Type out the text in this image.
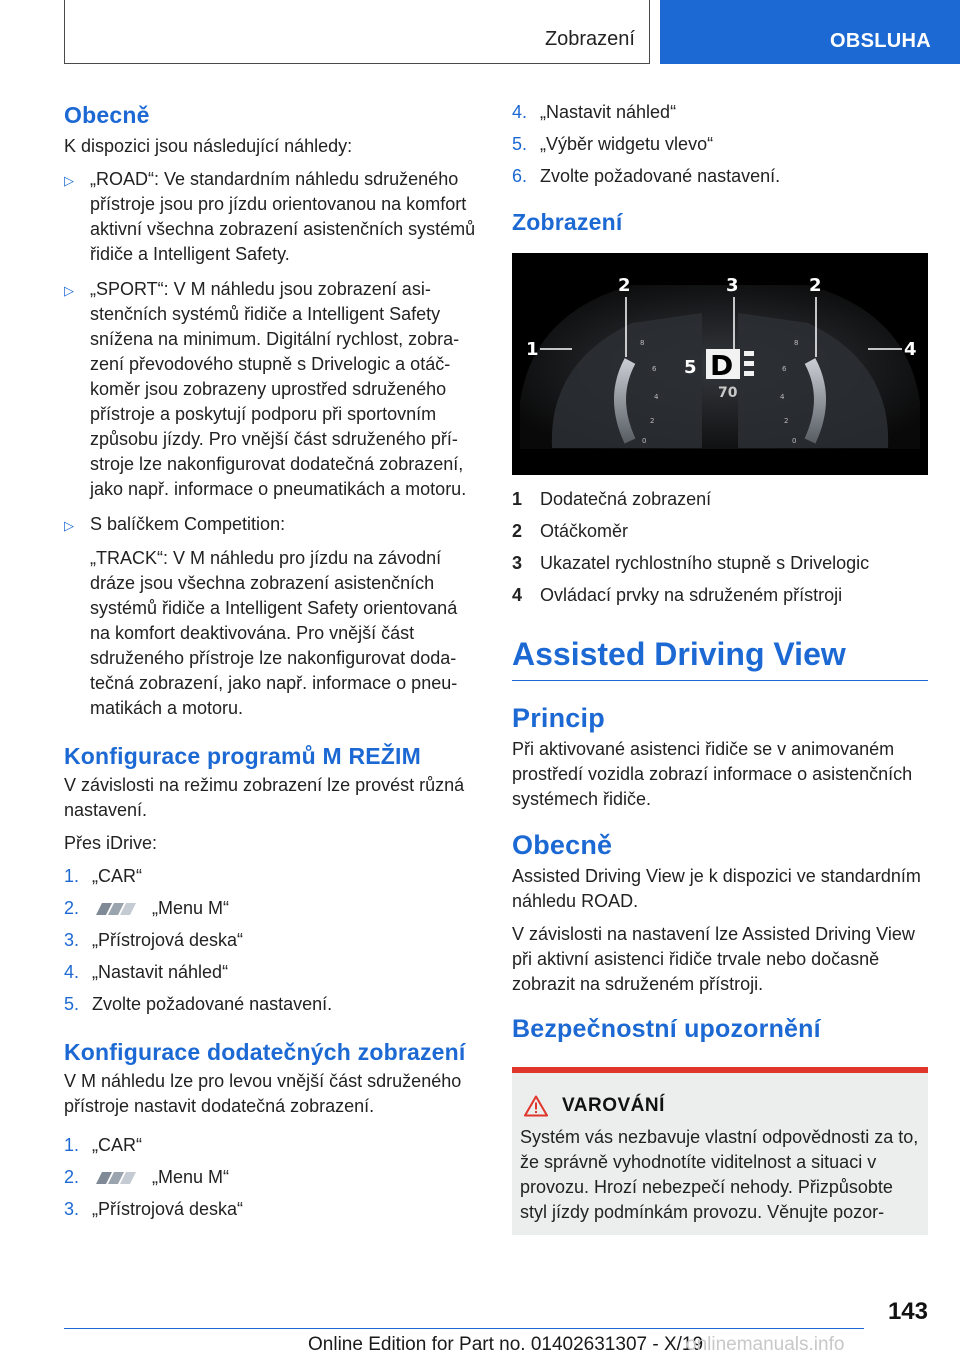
Zobrazení	OBSLUHA
Obecně
K dispozici jsou následující náhledy:
▷ „ROAD“: Ve standardním náhledu sdruženého přístroje jsou pro jízdu orientovanou na komfort aktivní všechna zobrazení asistenčních systémů řidiče a Intelligent Safety.
▷ „SPORT“: V M náhledu jsou zobrazení asistenčních systémů řidiče a Intelligent Safety snížena na minimum. Digitální rychlost, zobrazení převodového stupně s Drivelogic a otáčkoměr jsou zobrazeny uprostřed sdruženého přístroje a poskytují podporu při sportovním způsobu jízdy. Pro vnější část sdruženého přístroje lze nakonfigurovat dodatečná zobrazení, jako např. informace o pneumatikách a motoru.
▷ S balíčkem Competition:
„TRACK“: V M náhledu pro jízdu na závodní dráze jsou všechna zobrazení asistenčních systémů řidiče a Intelligent Safety orientovaná na komfort deaktivována. Pro vnější část sdruženého přístroje lze nakonfigurovat dodatečná zobrazení, jako např. informace o pneumatikách a motoru.
Konfigurace programů M REŽIM
V závislosti na režimu zobrazení lze provést různá nastavení.
Přes iDrive:
1. „CAR“
2.	„Menu M“
3. „Přístrojová deska“
4. „Nastavit náhled“
5. Zvolte požadované nastavení.
Konfigurace dodatečných zobrazení
V M náhledu lze pro levou vnější část sdruženého přístroje nastavit dodatečná zobrazení.
1. „CAR“
2.	„Menu M“
3. „Přístrojová deska“
4. „Nastavit náhled“
5. „Výběr widgetu vlevo“
6. Zvolte požadované nastavení.
Zobrazení
8
6
4
2
0
8
6
4
2
0
5 D
70
1
2	3	2
4
1 Dodatečná zobrazení
2 Otáčkoměr
3 Ukazatel rychlostního stupně s Drivelogic
4 Ovládací prvky na sdruženém přístroji
Assisted Driving View
Princip
Při aktivované asistenci řidiče se v animovaném prostředí vozidla zobrazí informace o asistenčních systémech řidiče.
Obecně
Assisted Driving View je k dispozici ve standardním náhledu ROAD.
V závislosti na nastavení lze Assisted Driving View při aktivní asistenci řidiče trvale nebo dočasně zobrazit na sdruženém přístroji.
Bezpečnostní upozornění
VAROVÁNÍ
Systém vás nezbavuje vlastní odpovědnosti za to, že správně vyhodnotíte viditelnost a situaci v provozu. Hrozí nebezpečí nehody. Přizpůsobte styl jízdy podmínkám provozu. Věnujte pozor-
143
Online Edition for Part no. 01402631307 - X/19
onlinemanuals.info
